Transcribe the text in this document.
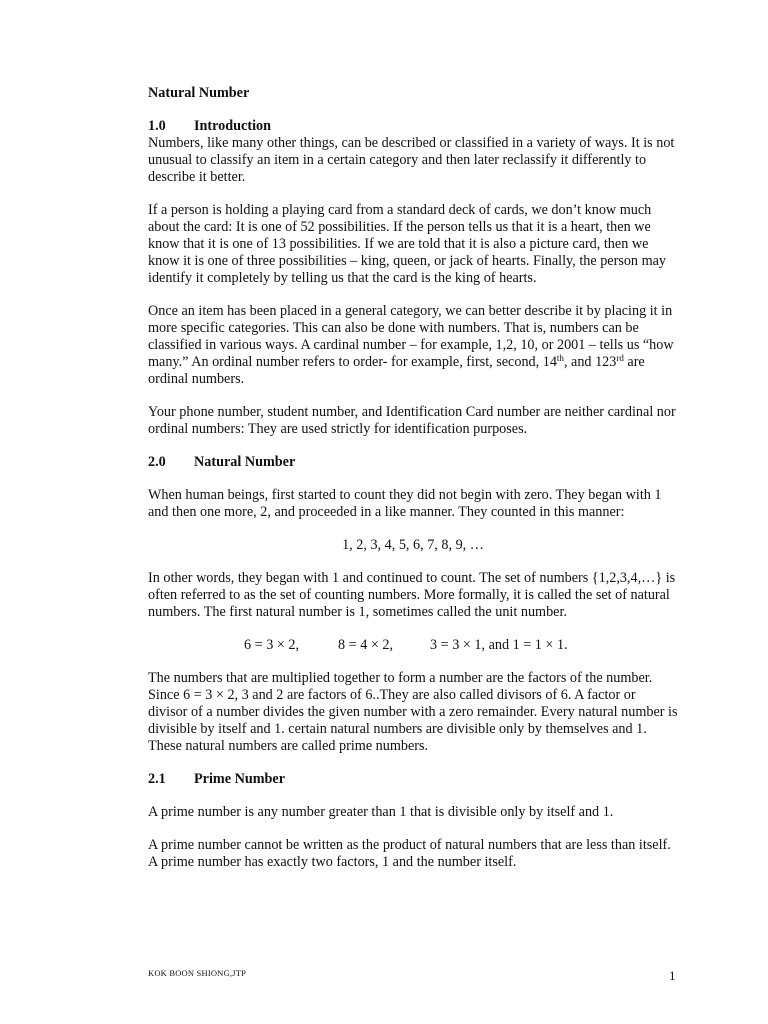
Natural Number
1.0 Introduction

Numbers, like many other things, can be described or classified in a variety of ways. It is not unusual to classify an item in a certain category and then later reclassify it differently to describe it better.

If a person is holding a playing card from a standard deck of cards, we don’t know much about the card: It is one of 52 possibilities. If the person tells us that it is a heart, then we know that it is one of 13 possibilities. If we are told that it is also a picture card, then we know it is one of three possibilities – king, queen, or jack of hearts. Finally, the person may identify it completely by telling us that the card is the king of hearts.

Once an item has been placed in a general category, we can better describe it by placing it in more specific categories. This can also be done with numbers. That is, numbers can be classified in various ways. A cardinal number – for example, 1,2, 10, or 2001 – tells us “how many.” An ordinal number refers to order- for example, first, second, 14th, and 123rd are ordinal numbers.

Your phone number, student number, and Identification Card number are neither cardinal nor ordinal numbers: They are used strictly for identification purposes.

2.0 Natural Number

When human beings, first started to count they did not begin with zero. They began with 1 and then one more, 2, and proceeded in a like manner. They counted in this manner:

1, 2, 3, 4, 5, 6, 7, 8, 9, …

In other words, they began with 1 and continued to count. The set of numbers {1,2,3,4,…} is often referred to as the set of counting numbers. More formally, it is called the set of natural numbers. The first natural number is 1, sometimes called the unit number.

6 = 3 × 2,	8 = 4 × 2,	3 = 3 × 1, and 1 = 1 × 1.

The numbers that are multiplied together to form a number are the factors of the number. Since 6 = 3 × 2, 3 and 2 are factors of 6..They are also called divisors of 6. A factor or divisor of a number divides the given number with a zero remainder. Every natural number is divisible by itself and 1. certain natural numbers are divisible only by themselves and 1. These natural numbers are called prime numbers.

2.1 Prime Number

A prime number is any number greater than 1 that is divisible only by itself and 1.

A prime number cannot be written as the product of natural numbers that are less than itself. A prime number has exactly two factors, 1 and the number itself.

KOK BOON SHIONG,JTP	1
